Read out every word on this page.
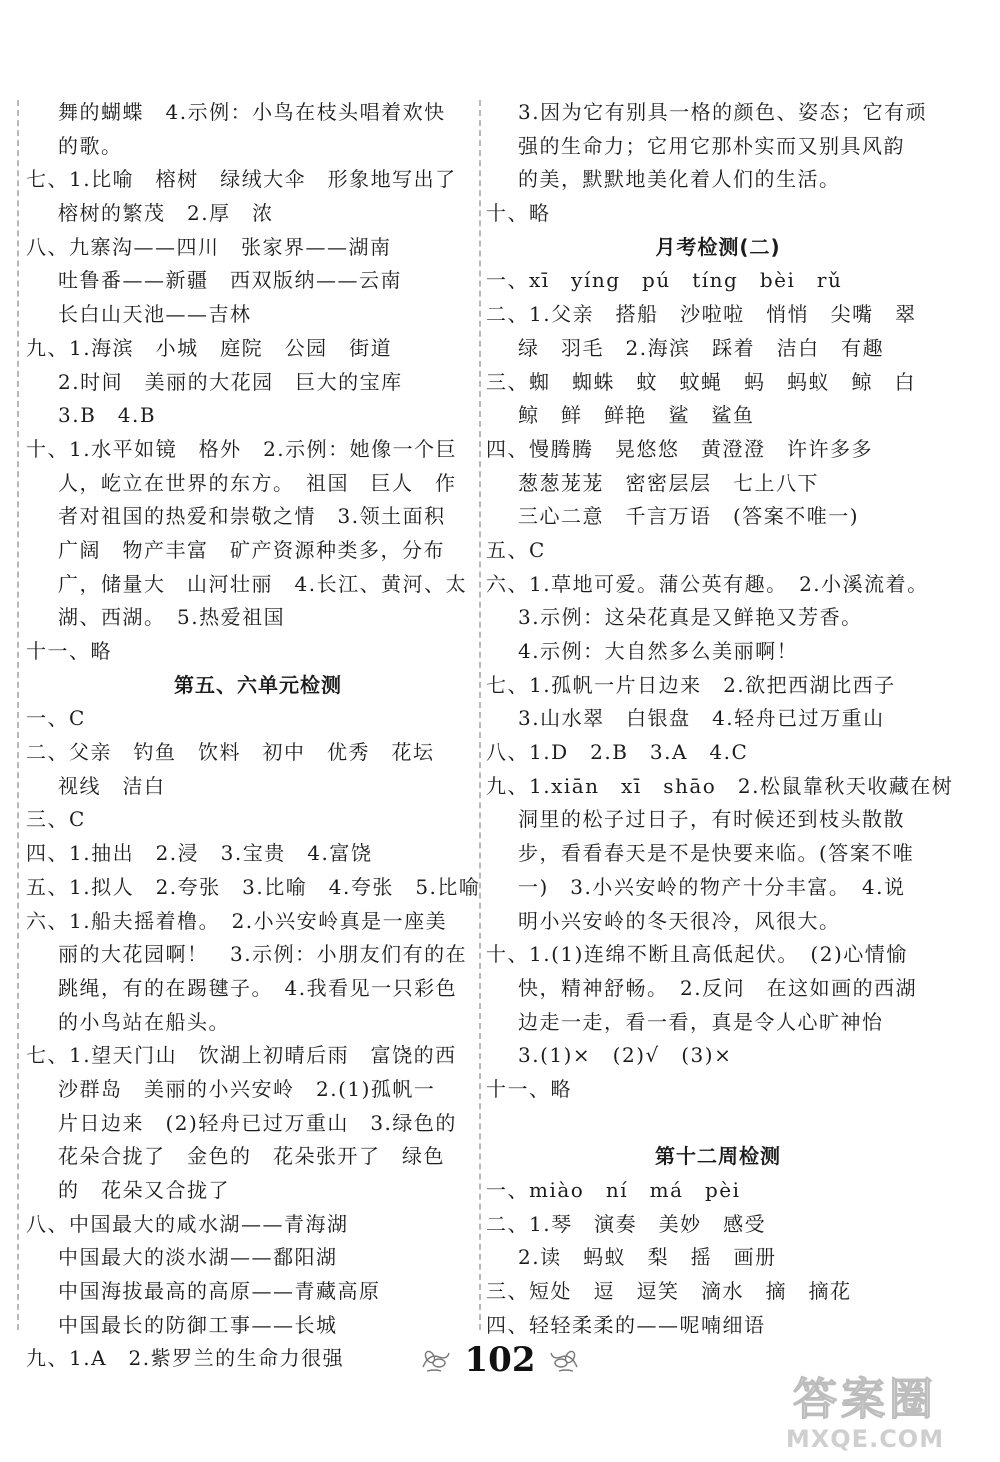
舞的蝴蝶　4.示例：小鸟在枝头唱着欢快
的歌。
七、1.比喻　榕树　绿绒大伞　形象地写出了
榕树的繁茂　2.厚　浓
八、九寨沟——四川　张家界——湖南
吐鲁番——新疆　西双版纳——云南
长白山天池——吉林
九、1.海滨　小城　庭院　公园　街道
2.时间　美丽的大花园　巨大的宝库
3.B　4.B
十、1.水平如镜　格外　2.示例：她像一个巨
人，屹立在世界的东方。　祖国　巨人　作
者对祖国的热爱和崇敬之情　3.领土面积
广阔　物产丰富　矿产资源种类多，分布
广，储量大　山河壮丽　4.长江、黄河、太
湖、西湖。　5.热爱祖国
十一、略
第五、六单元检测
一、C
二、父亲　钓鱼　饮料　初中　优秀　花坛
视线　洁白
三、C
四、1.抽出　2.浸　3.宝贵　4.富饶
五、1.拟人　2.夸张　3.比喻　4.夸张　5.比喻
六、1.船夫摇着橹。　2.小兴安岭真是一座美
丽的大花园啊！　3.示例：小朋友们有的在
跳绳，有的在踢毽子。　4.我看见一只彩色
的小鸟站在船头。
七、1.望天门山　饮湖上初晴后雨　富饶的西
沙群岛　美丽的小兴安岭　2.(1)孤帆一
片日边来　(2)轻舟已过万重山　3.绿色的
花朵合拢了　金色的　花朵张开了　绿色
的　花朵又合拢了
八、中国最大的咸水湖——青海湖
中国最大的淡水湖——鄱阳湖
中国海拔最高的高原——青藏高原
中国最长的防御工事——长城
九、1.A　2.紫罗兰的生命力很强
3.因为它有别具一格的颜色、姿态；它有顽
强的生命力；它用它那朴实而又别具风韵
的美，默默地美化着人们的生活。
十、略
月考检测(二)
一、xī　yíng　pú　tíng　bèi　rǔ
二、1.父亲　搭船　沙啦啦　悄悄　尖嘴　翠
绿　羽毛　2.海滨　踩着　洁白　有趣
三、蜘　蜘蛛　蚊　蚊蝇　蚂　蚂蚁　鲸　白
鲸　鲜　鲜艳　鲨　鲨鱼
四、慢腾腾　晃悠悠　黄澄澄　许许多多
葱葱茏茏　密密层层　七上八下
三心二意　千言万语　(答案不唯一)
五、C
六、1.草地可爱。蒲公英有趣。　2.小溪流着。
3.示例：这朵花真是又鲜艳又芳香。
4.示例：大自然多么美丽啊！
七、1.孤帆一片日边来　2.欲把西湖比西子
3.山水翠　白银盘　4.轻舟已过万重山
八、1.D　2.B　3.A　4.C
九、1.xiān　xī　shāo　2.松鼠靠秋天收藏在树
洞里的松子过日子，有时候还到枝头散散
步，看看春天是不是快要来临。(答案不唯
一)　3.小兴安岭的物产十分丰富。　4.说
明小兴安岭的冬天很冷，风很大。
十、1.(1)连绵不断且高低起伏。　(2)心情愉
快，精神舒畅。　2.反问　在这如画的西湖
边走一走，看一看，真是令人心旷神怡
3.(1)×　(2)√　(3)×
十一、略
第十二周检测
一、miào　ní　má　pèi
二、1.琴　演奏　美妙　感受
2.读　蚂蚁　梨　摇　画册
三、短处　逗　逗笑　滴水　摘　摘花
四、轻轻柔柔的——呢喃细语
102
答案圈
MXQE.COM
